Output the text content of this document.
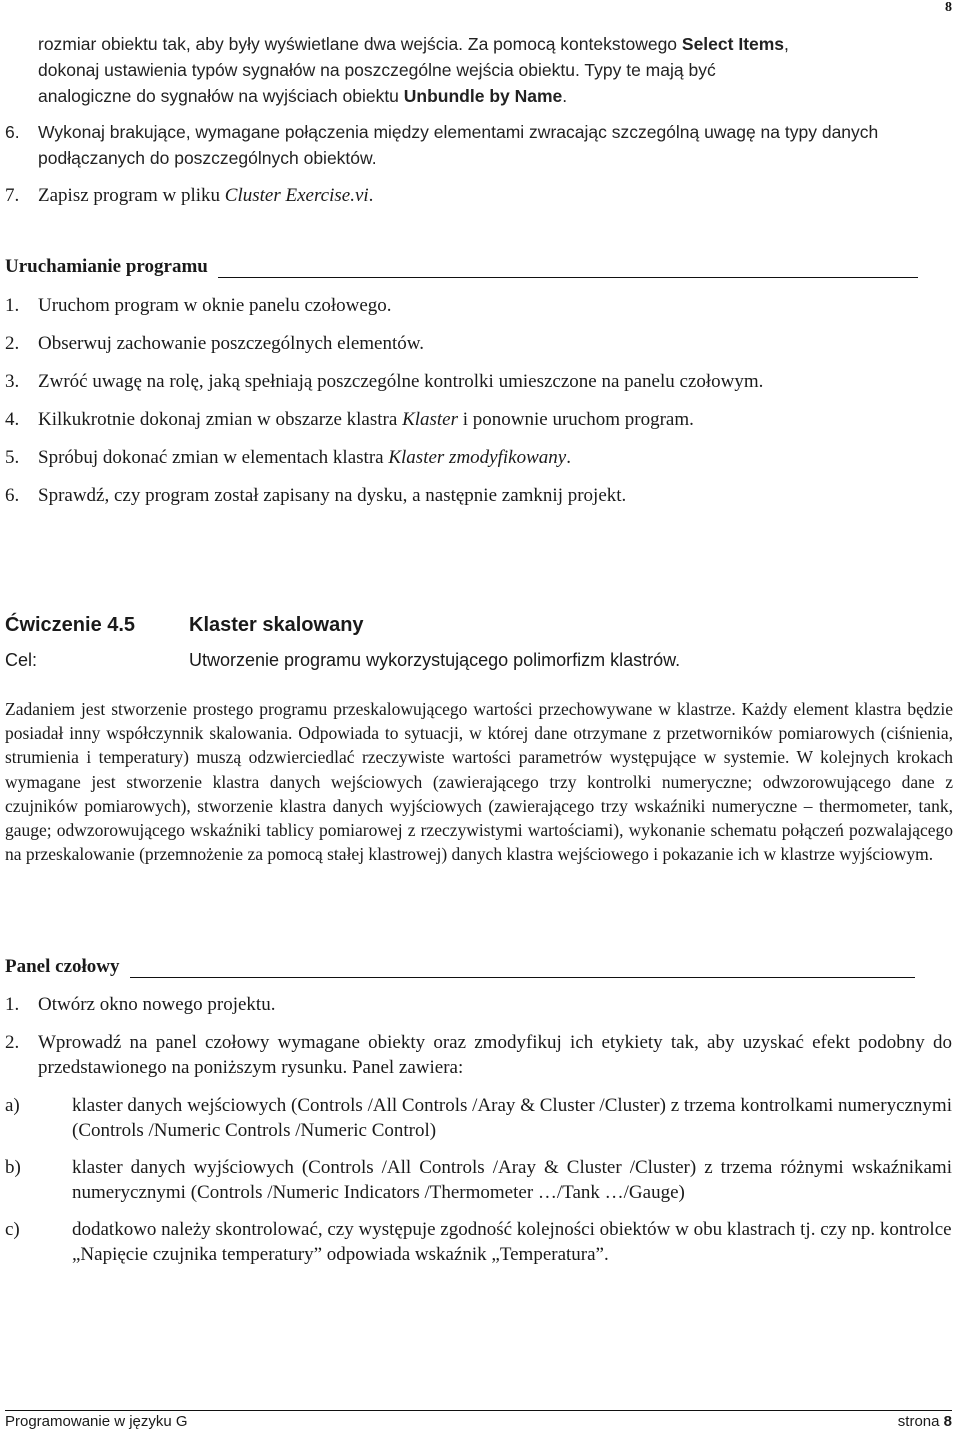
8
rozmiar obiektu tak, aby były wyświetlane dwa wejścia. Za pomocą kontekstowego Select Items,
dokonaj ustawienia typów sygnałów na poszczególne wejścia obiektu. Typy te mają być
analogiczne do sygnałów na wyjściach obiektu Unbundle by Name.
6.	Wykonaj brakujące, wymagane połączenia między elementami zwracając szczególną uwagę na typy danych podłączanych do poszczególnych obiektów.
7. Zapisz program w pliku Cluster Exercise.vi.
Uruchamianie programu
1. Uruchom program w oknie panelu czołowego.
2. Obserwuj zachowanie poszczególnych elementów.
3. Zwróć uwagę na rolę, jaką spełniają poszczególne kontrolki umieszczone na panelu czołowym.
4. Kilkukrotnie dokonaj zmian w obszarze klastra Klaster i ponownie uruchom program.
5. Spróbuj dokonać zmian w elementach klastra Klaster zmodyfikowany.
6. Sprawdź, czy program został zapisany na dysku, a następnie zamknij projekt.
Ćwiczenie 4.5	Klaster skalowany
Cel:	Utworzenie programu wykorzystującego polimorfizm klastrów.
Zadaniem jest stworzenie prostego programu przeskalowującego wartości przechowywane w klastrze. Każdy element klastra będzie posiadał inny współczynnik skalowania. Odpowiada to sytuacji, w której dane otrzymane z przetworników pomiarowych (ciśnienia, strumienia i temperatury) muszą odzwierciedlać rzeczywiste wartości parametrów występujące w systemie. W kolejnych krokach wymagane jest stworzenie klastra danych wejściowych (zawierającego trzy kontrolki numeryczne; odwzorowującego dane z czujników pomiarowych), stworzenie klastra danych wyjściowych (zawierającego trzy wskaźniki numeryczne – thermometer, tank, gauge; odwzorowującego wskaźniki tablicy pomiarowej z rzeczywistymi wartościami), wykonanie schematu połączeń pozwalającego na przeskalowanie (przemnożenie za pomocą stałej klastrowej) danych klastra wejściowego i pokazanie ich w klastrze wyjściowym.
Panel czołowy
1. Otwórz okno nowego projektu.
2. Wprowadź na panel czołowy wymagane obiekty oraz zmodyfikuj ich etykiety tak, aby uzyskać efekt podobny do przedstawionego na poniższym rysunku. Panel zawiera:
a)	klaster danych wejściowych (Controls /All Controls /Aray & Cluster /Cluster) z trzema kontrolkami numerycznymi (Controls /Numeric Controls /Numeric Control)
b)	klaster danych wyjściowych (Controls /All Controls /Aray & Cluster /Cluster) z trzema różnymi wskaźnikami numerycznymi (Controls /Numeric Indicators /Thermometer …/Tank …/Gauge)
c)	dodatkowo należy skontrolować, czy występuje zgodność kolejności obiektów w obu klastrach tj. czy np. kontrolce „Napięcie czujnika temperatury” odpowiada wskaźnik „Temperatura”.
Programowanie w języku G	strona 8
